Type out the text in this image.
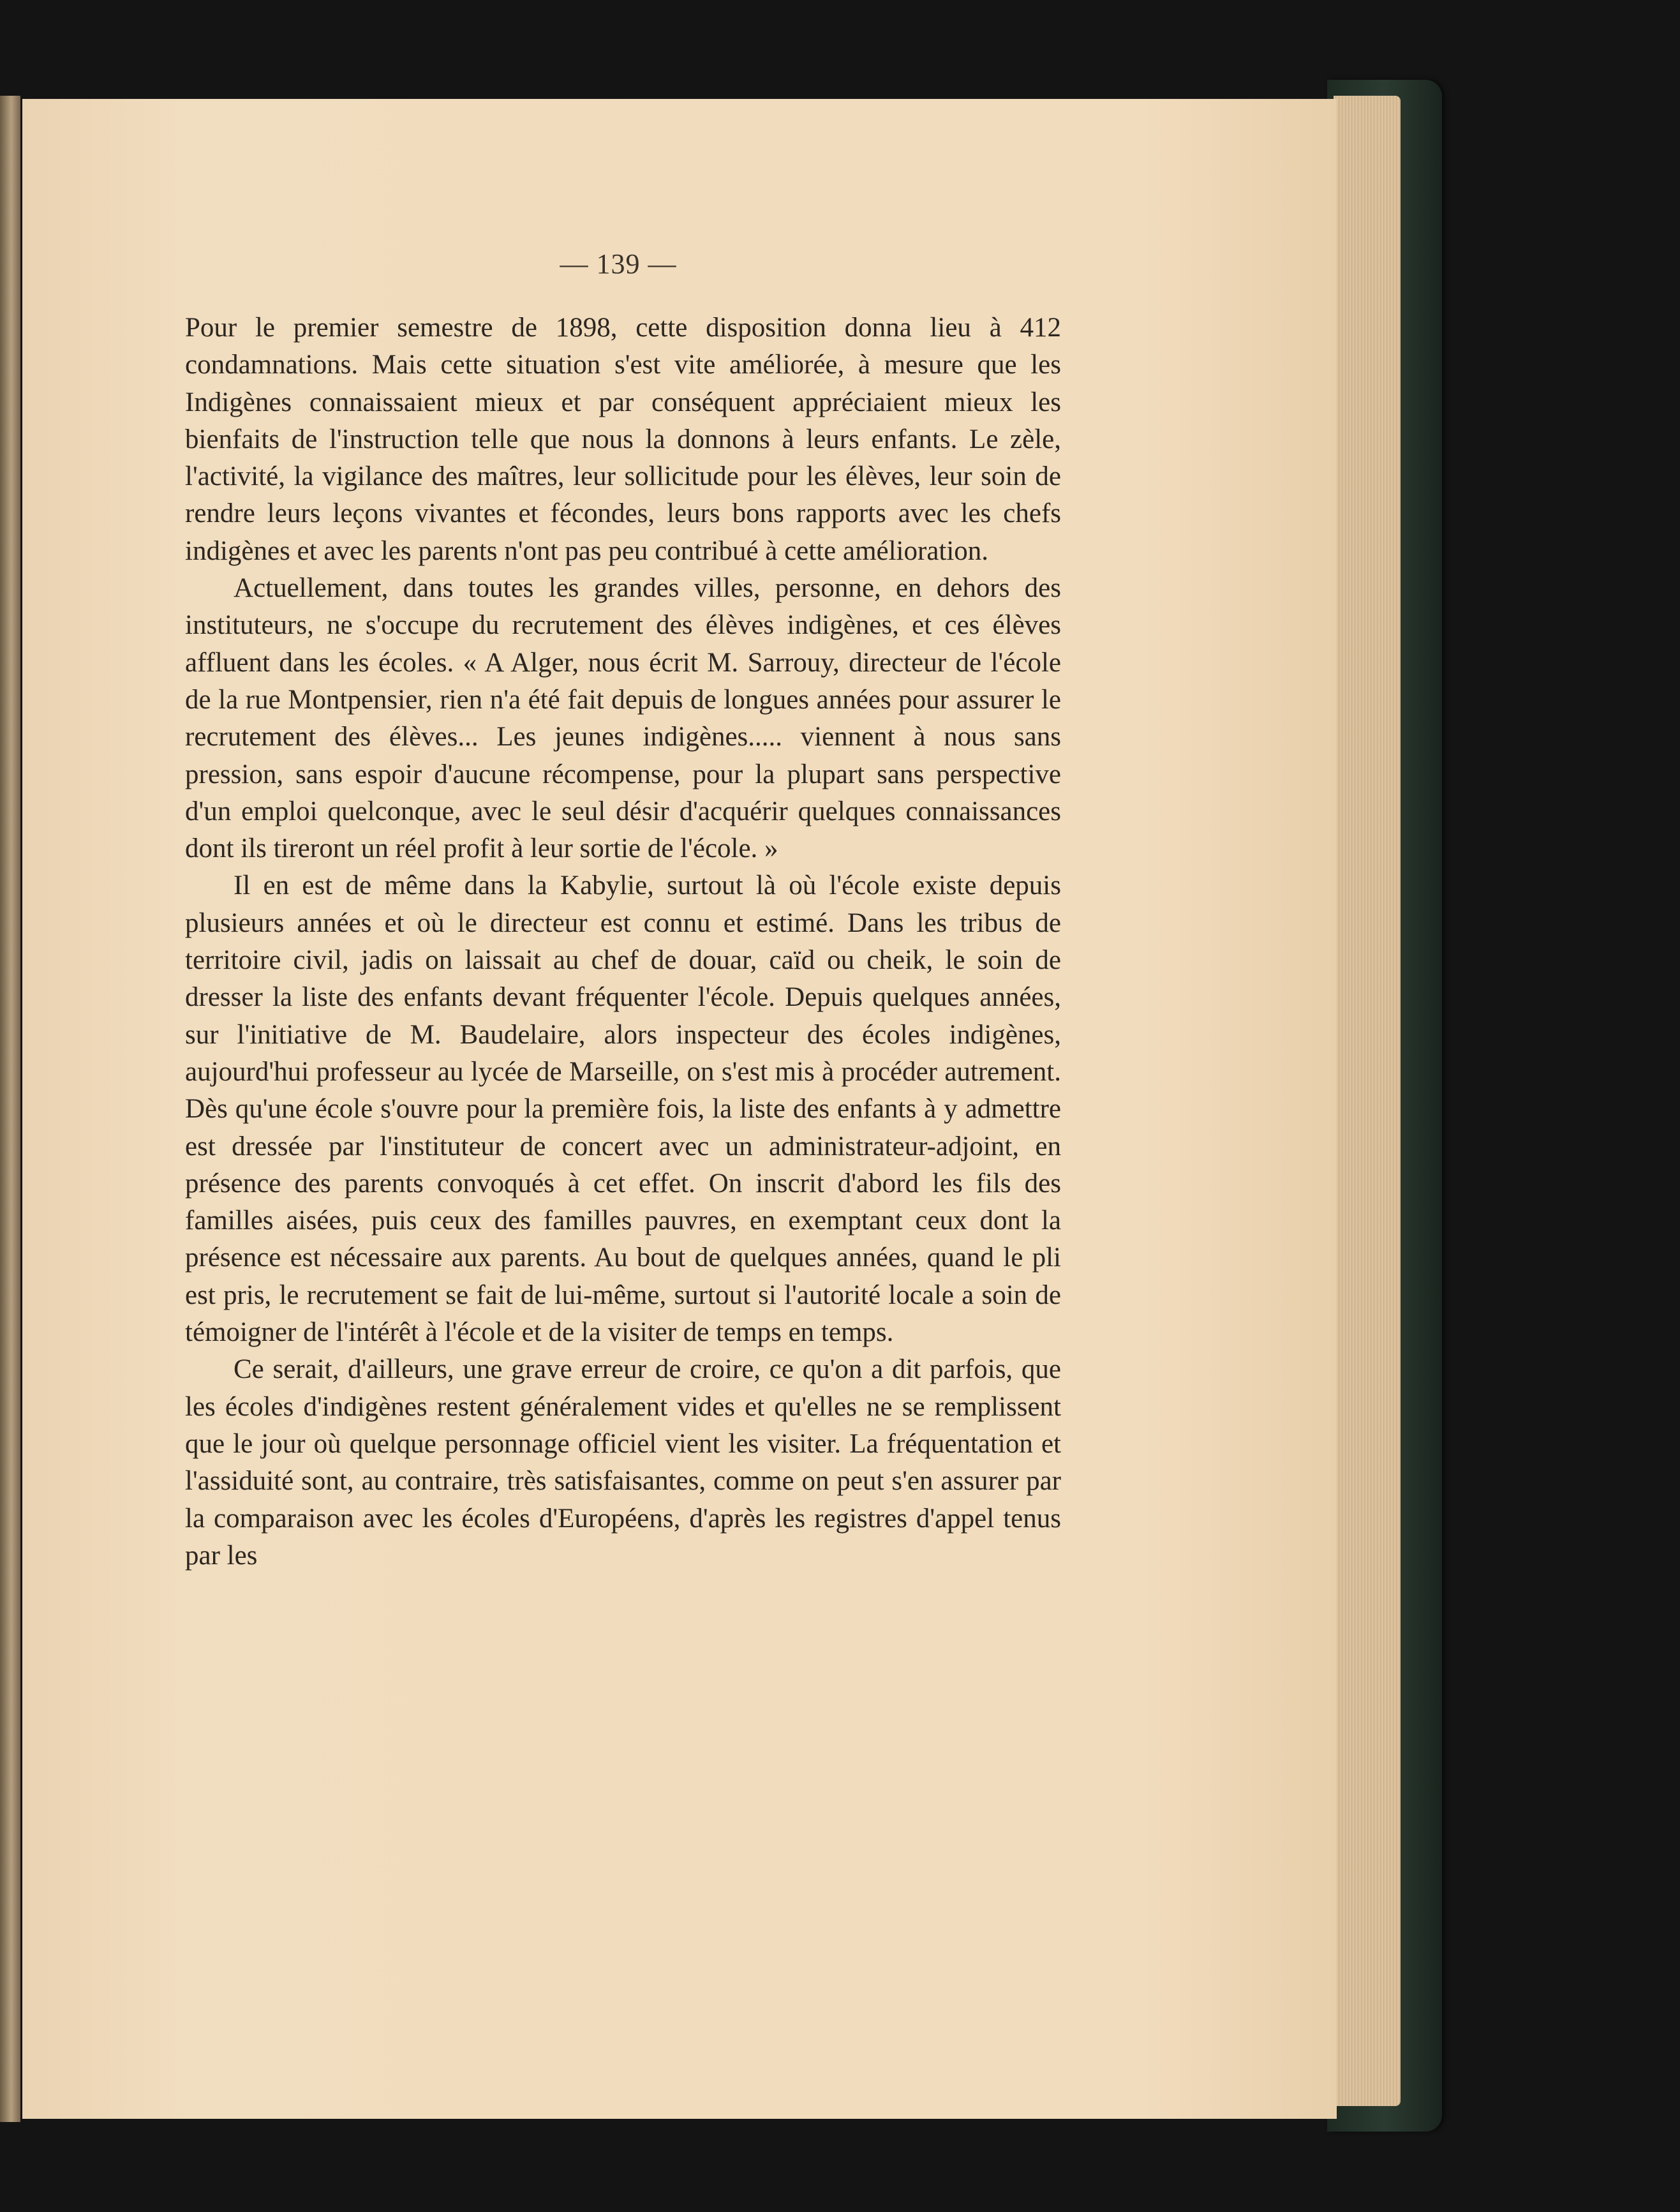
— 139 —

Pour le premier semestre de 1898, cette disposition donna lieu à 412 condamnations. Mais cette situation s'est vite améliorée, à mesure que les Indigènes connaissaient mieux et par conséquent appréciaient mieux les bienfaits de l'instruction telle que nous la donnons à leurs enfants. Le zèle, l'activité, la vigilance des maîtres, leur sollicitude pour les élèves, leur soin de rendre leurs leçons vivantes et fécondes, leurs bons rapports avec les chefs indigènes et avec les parents n'ont pas peu contribué à cette amélioration.

Actuellement, dans toutes les grandes villes, personne, en dehors des instituteurs, ne s'occupe du recrutement des élèves indigènes, et ces élèves affluent dans les écoles. « A Alger, nous écrit M. Sarrouy, directeur de l'école de la rue Montpensier, rien n'a été fait depuis de longues années pour assurer le recrutement des élèves... Les jeunes indigènes..... viennent à nous sans pression, sans espoir d'aucune récompense, pour la plupart sans perspective d'un emploi quelconque, avec le seul désir d'acquérir quelques connaissances dont ils tireront un réel profit à leur sortie de l'école. »

Il en est de même dans la Kabylie, surtout là où l'école existe depuis plusieurs années et où le directeur est connu et estimé. Dans les tribus de territoire civil, jadis on laissait au chef de douar, caïd ou cheik, le soin de dresser la liste des enfants devant fréquenter l'école. Depuis quelques années, sur l'initiative de M. Baudelaire, alors inspecteur des écoles indigènes, aujourd'hui professeur au lycée de Marseille, on s'est mis à procéder autrement. Dès qu'une école s'ouvre pour la première fois, la liste des enfants à y admettre est dressée par l'instituteur de concert avec un administrateur-adjoint, en présence des parents convoqués à cet effet. On inscrit d'abord les fils des familles aisées, puis ceux des familles pauvres, en exemptant ceux dont la présence est nécessaire aux parents. Au bout de quelques années, quand le pli est pris, le recrutement se fait de lui-même, surtout si l'autorité locale a soin de témoigner de l'intérêt à l'école et de la visiter de temps en temps.

Ce serait, d'ailleurs, une grave erreur de croire, ce qu'on a dit parfois, que les écoles d'indigènes restent généralement vides et qu'elles ne se remplissent que le jour où quelque personnage officiel vient les visiter. La fréquentation et l'assiduité sont, au contraire, très satisfaisantes, comme on peut s'en assurer par la comparaison avec les écoles d'Européens, d'après les registres d'appel tenus par les
